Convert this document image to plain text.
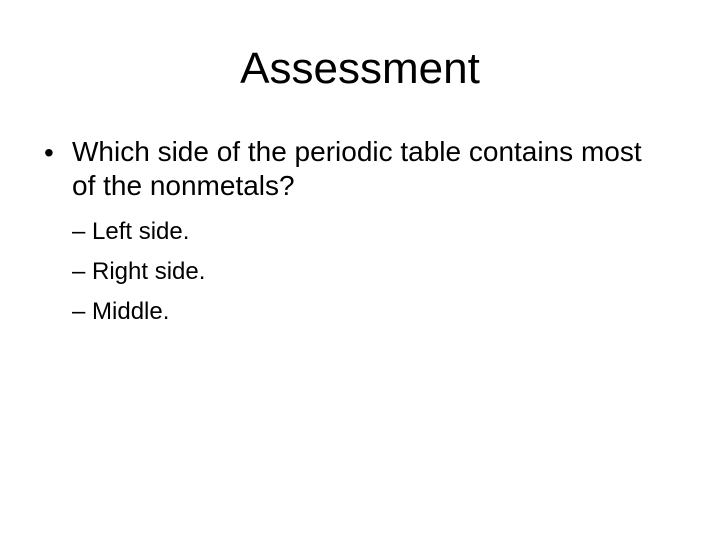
Assessment
• Which side of the periodic table contains most of the nonmetals?
– Left side.
– Right side.
– Middle.
